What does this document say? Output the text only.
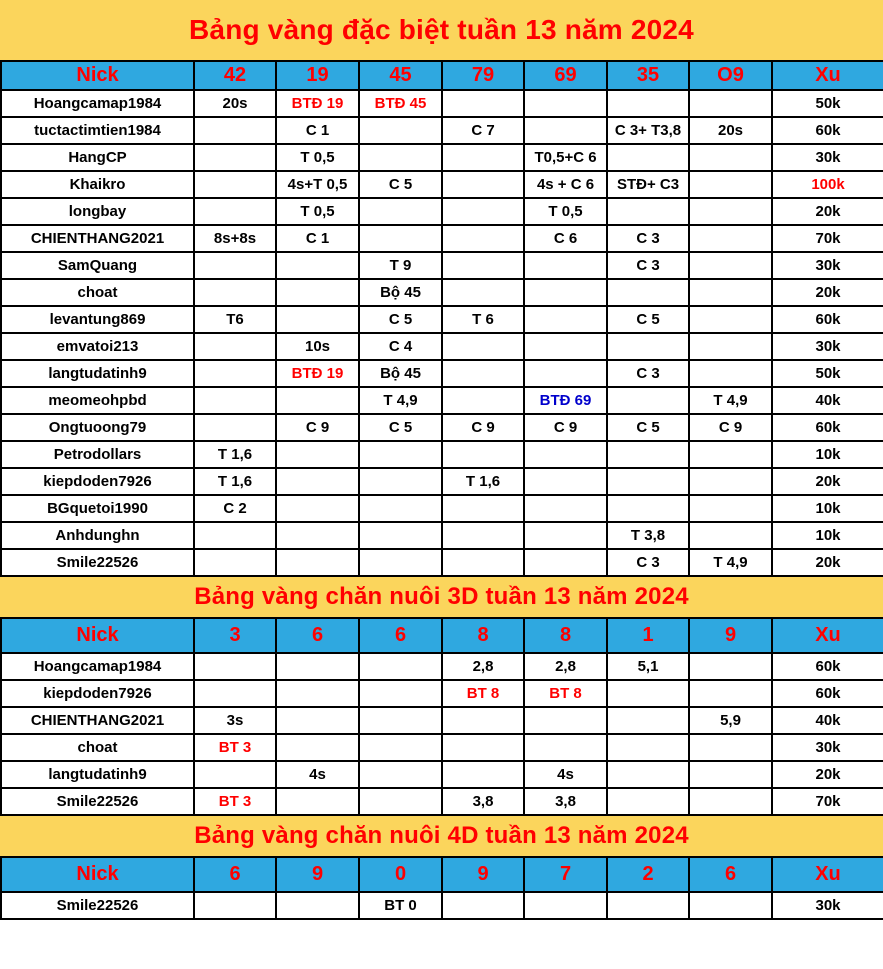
Bảng vàng đặc biệt tuần 13 năm 2024
Nick	42	19	45	79	69	35	O9	Xu
Hoangcamap1984	20s	BTĐ 19	BTĐ 45					50k
tuctactimtien1984		C 1		C 7		C 3+ T3,8	20s	60k
HangCP		T 0,5			T0,5+C 6			30k
Khaikro		4s+T 0,5	C 5		4s + C 6	STĐ+ C3		100k
longbay		T 0,5			T 0,5			20k
CHIENTHANG2021	8s+8s	C 1			C 6	C 3		70k
SamQuang			T 9			C 3		30k
choat			Bộ 45					20k
levantung869	T6		C 5	T 6		C 5		60k
emvatoi213		10s	C 4					30k
langtudatinh9		BTĐ 19	Bộ 45			C 3		50k
meomeohpbd			T 4,9		BTĐ 69		T 4,9	40k
Ongtuoong79		C 9	C 5	C 9	C 9	C 5	C 9	60k
Petrodollars	T 1,6							10k
kiepdoden7926	T 1,6			T 1,6				20k
BGquetoi1990	C 2							10k
Anhdunghn						T 3,8		10k
Smile22526						C 3	T 4,9	20k
Bảng vàng chăn nuôi 3D tuần 13 năm 2024
Nick	3	6	6	8	8	1	9	Xu
Hoangcamap1984				2,8	2,8	5,1		60k
kiepdoden7926				BT 8	BT 8			60k
CHIENTHANG2021	3s						5,9	40k
choat	BT 3							30k
langtudatinh9		4s			4s			20k
Smile22526	BT 3			3,8	3,8			70k
Bảng vàng chăn nuôi 4D tuần 13 năm 2024
Nick	6	9	0	9	7	2	6	Xu
Smile22526			BT 0					30k
